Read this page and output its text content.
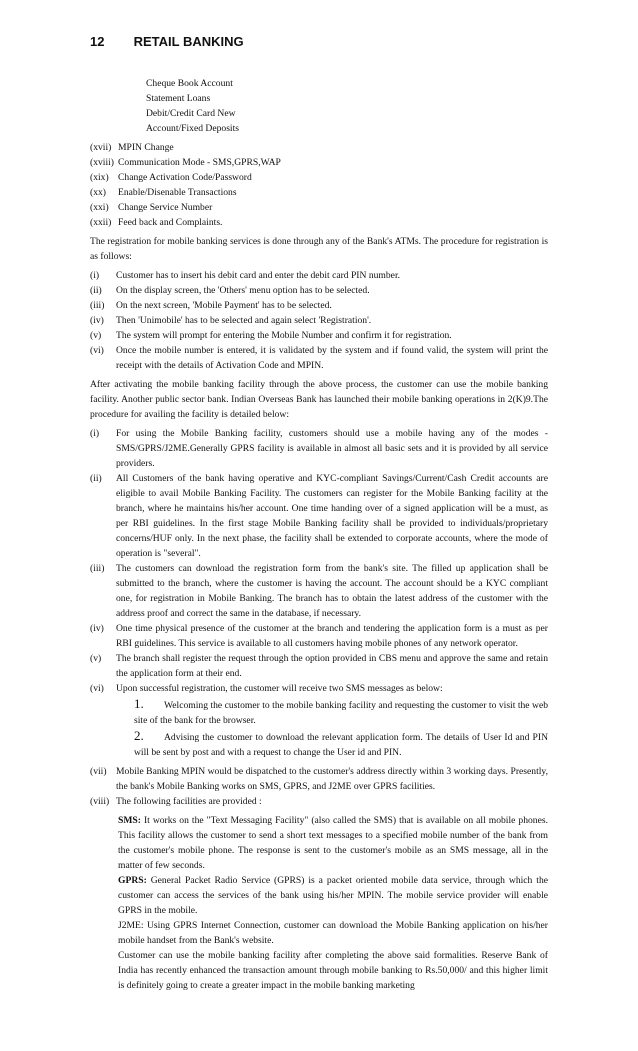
12 RETAIL BANKING
Cheque Book Account
Statement Loans
Debit/Credit Card New
Account/Fixed Deposits
(xvii) MPIN Change
(xviii) Communication Mode - SMS,GPRS,WAP
(xix) Change Activation Code/Password
(xx)	Enable/Disenable Transactions
(xxi) Change Service Number
(xxii) Feed back and Complaints.

The registration for mobile banking services is done through any of the Bank's ATMs. The procedure for registration is as follows:

(i)	Customer has to insert his debit card and enter the debit card PIN number.
(ii)	On the display screen, the 'Others' menu option has to be selected.
(iii)	On the next screen, 'Mobile Payment' has to be selected.
(iv)	Then 'Unimobile' has to be selected and again select 'Registration'.
(v)	The system will prompt for entering the Mobile Number and confirm it for registration.
(vi)	Once the mobile number is entered, it is validated by the system and if found valid, the system will print the receipt with the details of Activation Code and MPIN.

After activating the mobile banking facility through the above process, the customer can use the mobile banking facility. Another public sector bank. Indian Overseas Bank has launched their mobile banking operations in 2(K)9.The procedure for availing the facility is detailed below:

(i)	For using the Mobile Banking facility, customers should use a mobile having any of the modes - SMS/GPRS/J2ME.Generally GPRS facility is available in almost all basic sets and it is provided by all service providers.
(ii)	All Customers of the bank having operative and KYC-compliant Savings/Current/Cash Credit accounts are eligible to avail Mobile Banking Facility. The customers can register for the Mobile Banking facility at the branch, where he maintains his/her account. One time handing over of a signed application will be a must, as per RBI guidelines. In the first stage Mobile Banking facility shall be provided to individuals/proprietary concerns/HUF only. In the next phase, the facility shall be extended to corporate accounts, where the mode of operation is "several".
(iii)	The customers can download the registration form from the bank's site. The filled up application shall be submitted to the branch, where the customer is having the account. The account should be a KYC compliant one, for registration in Mobile Banking. The branch has to obtain the latest address of the customer with the address proof and correct the same in the database, if necessary.
(iv)	One time physical presence of the customer at the branch and tendering the application form is a must as per RBI guidelines. This service is available to all customers having mobile phones of any network operator.
(v)	The branch shall register the request through the option provided in CBS menu and approve the same and retain the application form at their end.
(vi)	Upon successful registration, the customer will receive two SMS messages as below:
1. Welcoming the customer to the mobile banking facility and requesting the customer to visit the web site of the bank for the browser.
2. Advising the customer to download the relevant application form. The details of User Id and PIN will be sent by post and with a request to change the User id and PIN.
(vii) Mobile Banking MPIN would be dispatched to the customer's address directly within 3 working days. Presently, the bank's Mobile Banking works on SMS, GPRS, and J2ME over GPRS facilities.
(viii) The following facilities are provided :

SMS: It works on the "Text Messaging Facility" (also called the SMS) that is available on all mobile phones. This facility allows the customer to send a short text messages to a specified mobile number of the bank from the customer's mobile phone. The response is sent to the customer's mobile as an SMS message, all in the matter of few seconds.

GPRS: General Packet Radio Service (GPRS) is a packet oriented mobile data service, through which the customer can access the services of the bank using his/her MPIN. The mobile service provider will enable GPRS in the mobile.

J2ME: Using GPRS Internet Connection, customer can download the Mobile Banking application on his/her mobile handset from the Bank's website.

Customer can use the mobile banking facility after completing the above said formalities. Reserve Bank of India has recently enhanced the transaction amount through mobile banking to Rs.50,000/ and this higher limit is definitely going to create a greater impact in the mobile banking marketing
